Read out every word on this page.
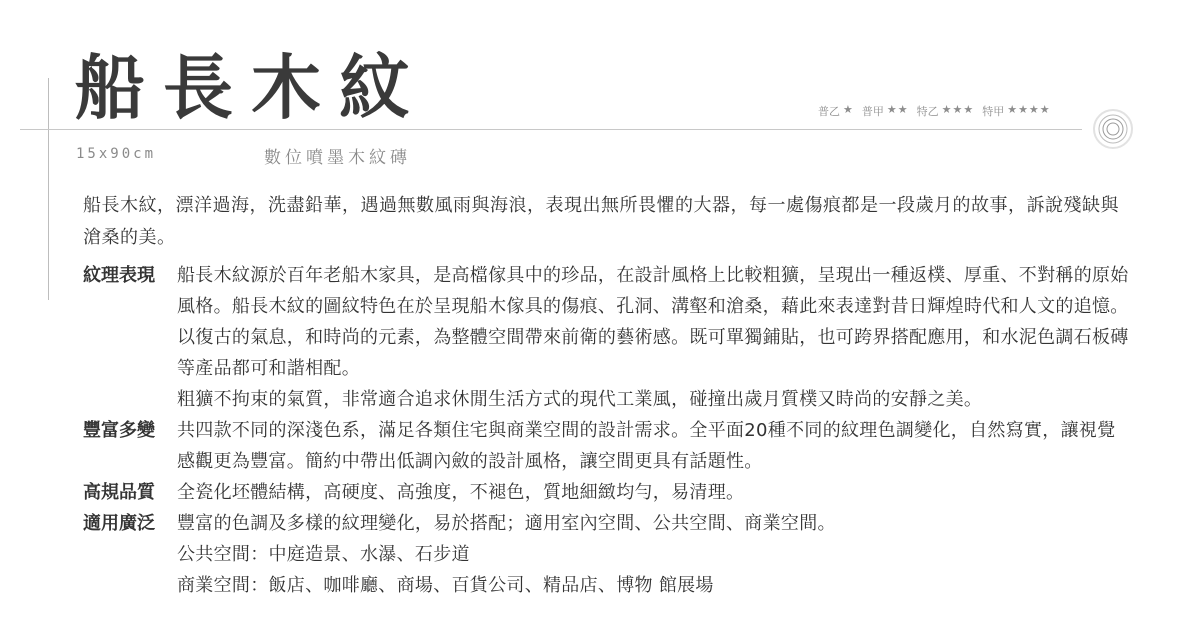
船長木紋
15x90cm	數位噴墨木紋磚
普乙 ★ 普甲 ★★ 特乙 ★★★ 特甲 ★★★★
船長木紋，漂洋過海，洗盡鉛華，遇過無數風雨與海浪，表現出無所畏懼的大器，每一處傷痕都是一段歲月的故事，訴說殘缺與滄桑的美。
紋理表現	船長木紋源於百年老船木家具，是高檔傢具中的珍品，在設計風格上比較粗獷，呈現出一種返樸、厚重、不對稱的原始風格。船長木紋的圖紋特色在於呈現船木傢具的傷痕、孔洞、溝壑和滄桑，藉此來表達對昔日輝煌時代和人文的追憶。以復古的氣息，和時尚的元素，為整體空間帶來前衛的藝術感。既可單獨鋪貼，也可跨界搭配應用，和水泥色調石板磚等產品都可和諧相配。

粗獷不拘束的氣質，非常適合追求休閒生活方式的現代工業風，碰撞出歲月質樸又時尚的安靜之美。

豐富多變	共四款不同的深淺色系，滿足各類住宅與商業空間的設計需求。全平面20種不同的紋理色調變化，自然寫實，讓視覺感觀更為豐富。簡約中帶出低調內斂的設計風格，讓空間更具有話題性。

高規品質	全瓷化坯體結構，高硬度、高強度，不褪色，質地細緻均勻，易清理。

適用廣泛	豐富的色調及多樣的紋理變化，易於搭配；適用室內空間、公共空間、商業空間。

公共空間：中庭造景、水瀑、石步道

商業空間：飯店、咖啡廳、商場、百貨公司、精品店、博物 館展場
